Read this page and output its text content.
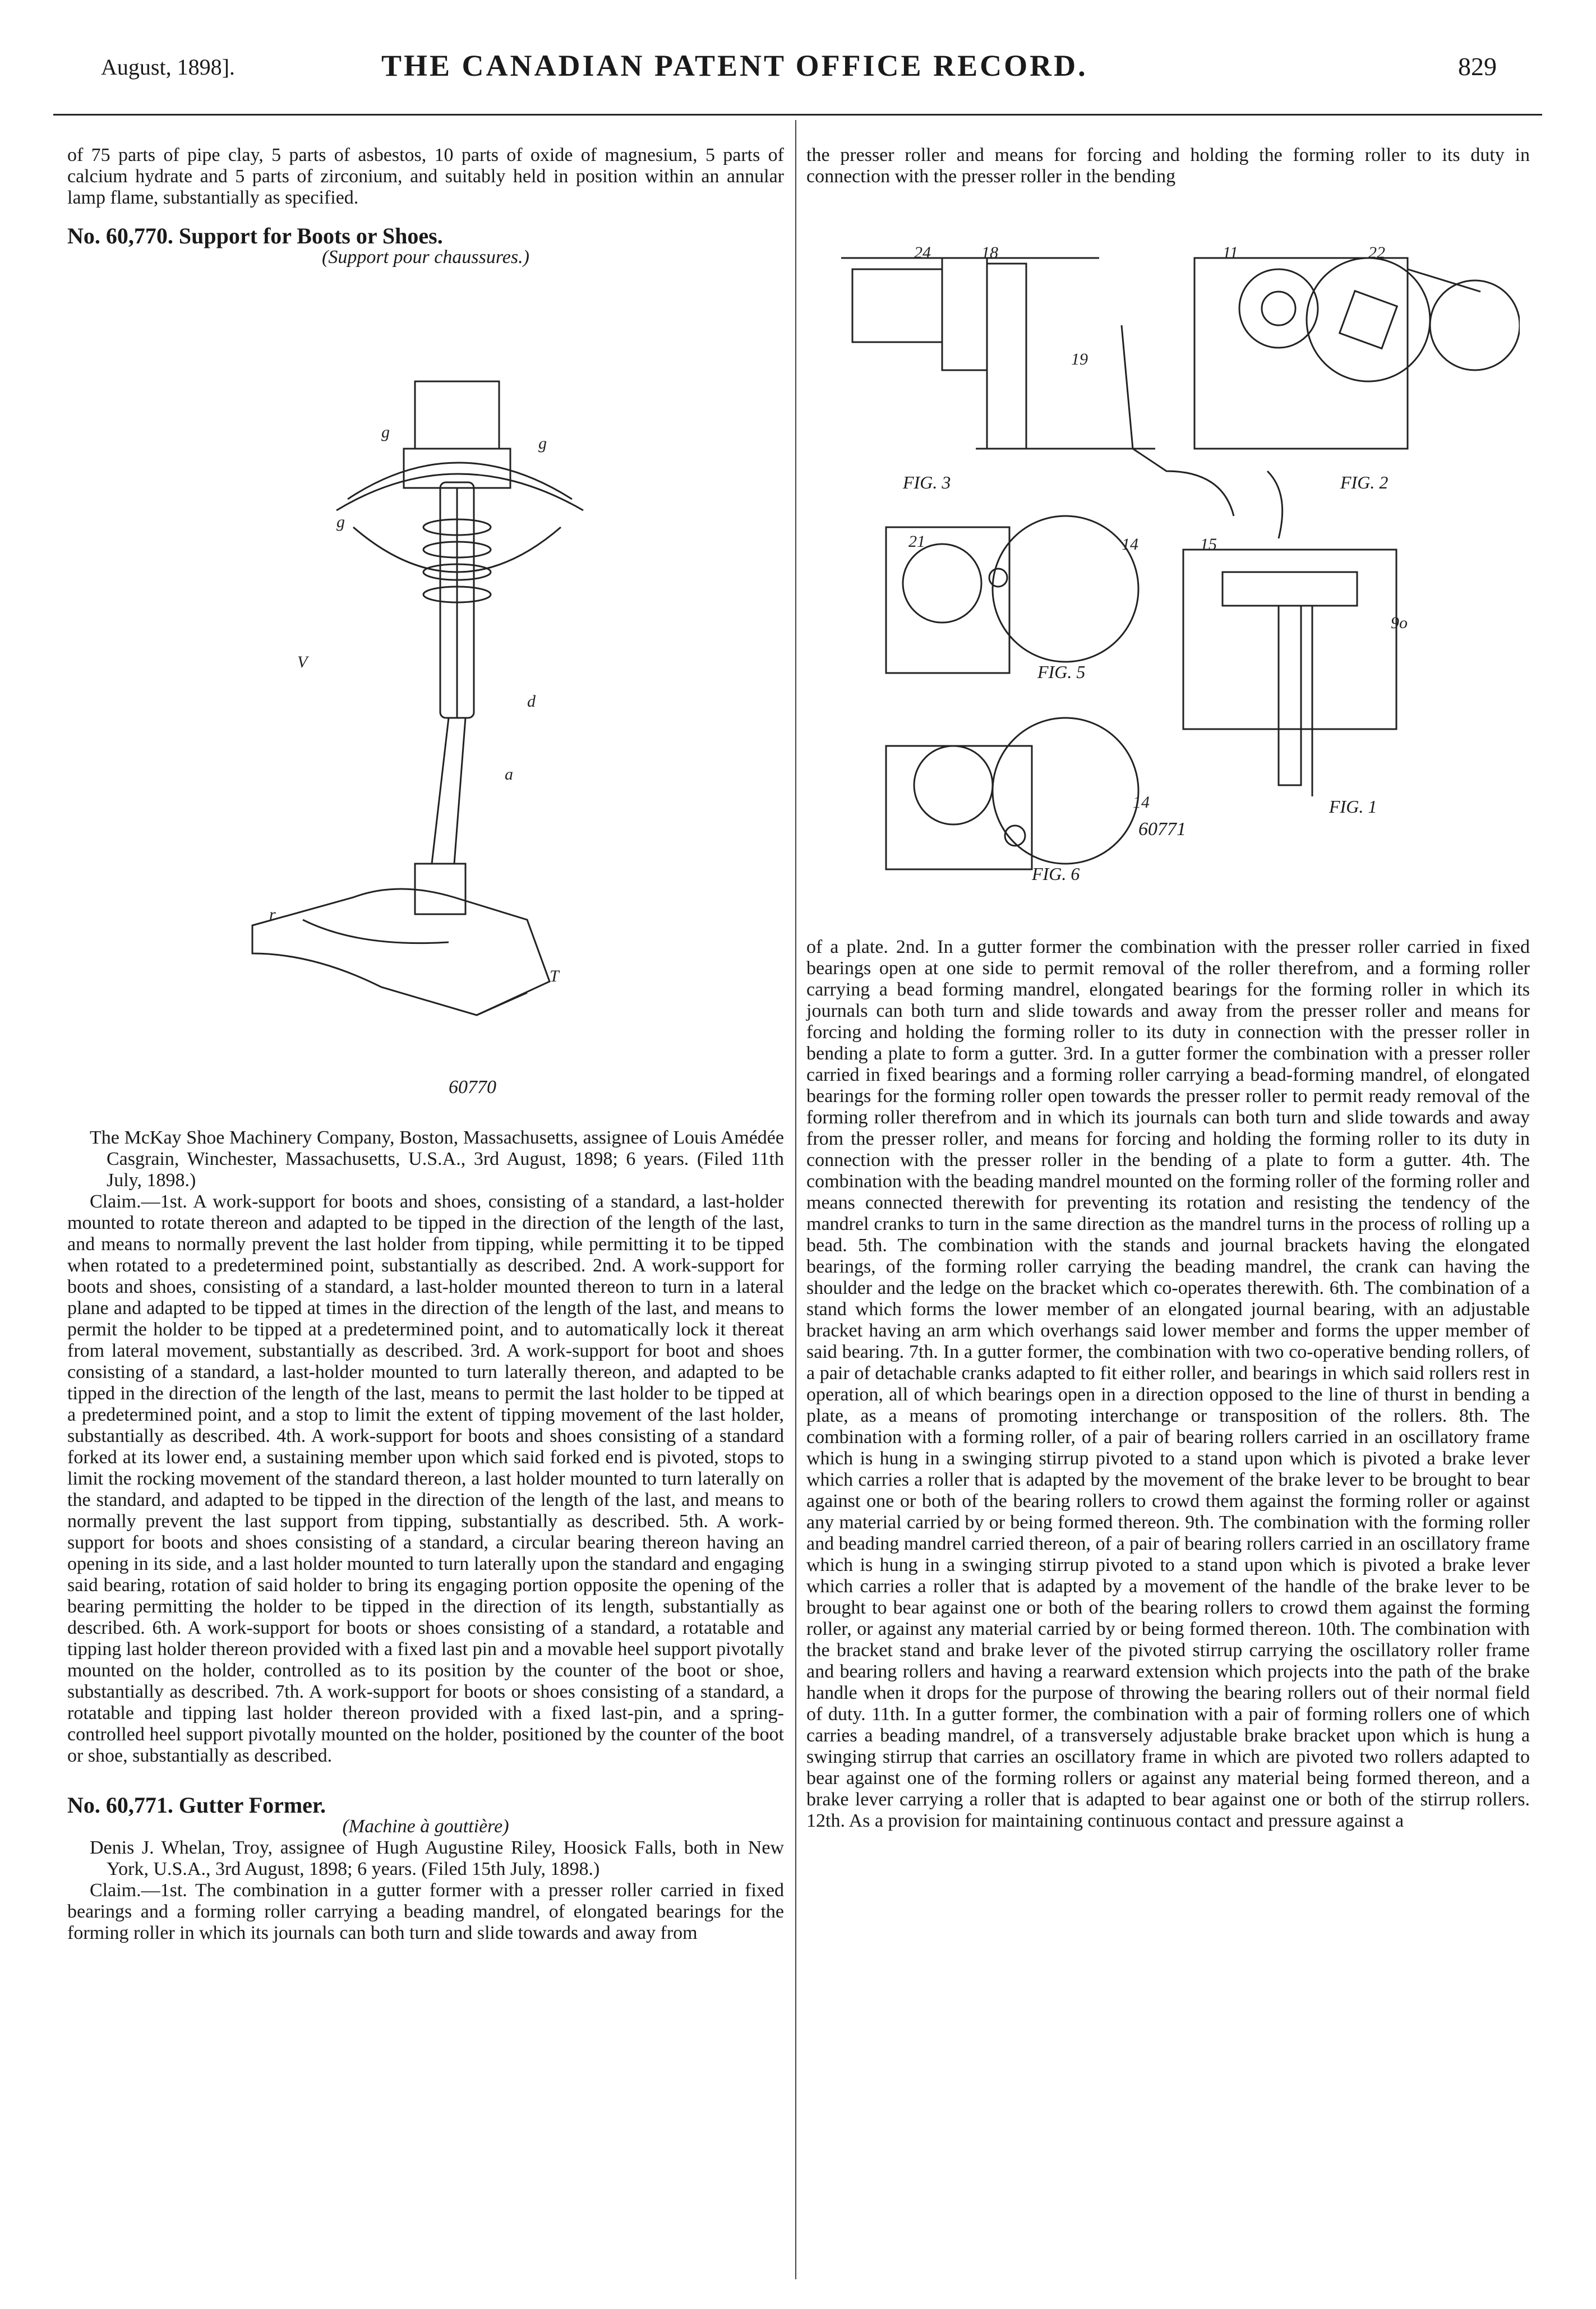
August, 1898].	THE CANADIAN PATENT OFFICE RECORD.	829

of 75 parts of pipe clay, 5 parts of asbestos, 10 parts of oxide of magnesium, 5 parts of calcium hydrate and 5 parts of zirconium, and suitably held in position within an annular lamp flame, substantially as specified.

No. 60,770. Support for Boots or Shoes.

(Support pour chaussures.)

g
g
g
V
d
a
T
r
60770

The McKay Shoe Machinery Company, Boston, Massachusetts, assignee of Louis Amédée Casgrain, Winchester, Massachusetts, U.S.A., 3rd August, 1898; 6 years. (Filed 11th July, 1898.)

Claim.—1st. A work-support for boots and shoes, consisting of a standard, a last-holder mounted to rotate thereon and adapted to be tipped in the direction of the length of the last, and means to normally prevent the last holder from tipping, while permitting it to be tipped when rotated to a predetermined point, substantially as described. 2nd. A work-support for boots and shoes, consisting of a standard, a last-holder mounted thereon to turn in a lateral plane and adapted to be tipped at times in the direction of the length of the last, and means to permit the holder to be tipped at a predetermined point, and to automatically lock it thereat from lateral movement, substantially as described. 3rd. A work-support for boot and shoes consisting of a standard, a last-holder mounted to turn laterally thereon, and adapted to be tipped in the direction of the length of the last, means to permit the last holder to be tipped at a predetermined point, and a stop to limit the extent of tipping movement of the last holder, substantially as described. 4th. A work-support for boots and shoes consisting of a standard forked at its lower end, a sustaining member upon which said forked end is pivoted, stops to limit the rocking movement of the standard thereon, a last holder mounted to turn laterally on the standard, and adapted to be tipped in the direction of the length of the last, and means to normally prevent the last support from tipping, substantially as described. 5th. A work-support for boots and shoes consisting of a standard, a circular bearing thereon having an opening in its side, and a last holder mounted to turn laterally upon the standard and engaging said bearing, rotation of said holder to bring its engaging portion opposite the opening of the bearing permitting the holder to be tipped in the direction of its length, substantially as described. 6th. A work-support for boots or shoes consisting of a standard, a rotatable and tipping last holder thereon provided with a fixed last pin and a movable heel support pivotally mounted on the holder, controlled as to its position by the counter of the boot or shoe, substantially as described. 7th. A work-support for boots or shoes consisting of a standard, a rotatable and tipping last holder thereon provided with a fixed last-pin, and a spring-controlled heel support pivotally mounted on the holder, positioned by the counter of the boot or shoe, substantially as described.

No. 60,771. Gutter Former.

(Machine à gouttière)

Denis J. Whelan, Troy, assignee of Hugh Augustine Riley, Hoosick Falls, both in New York, U.S.A., 3rd August, 1898; 6 years. (Filed 15th July, 1898.)

Claim.—1st. The combination in a gutter former with a presser roller carried in fixed bearings and a forming roller carrying a beading mandrel, of elongated bearings for the forming roller in which its journals can both turn and slide towards and away from

the presser roller and means for forcing and holding the forming roller to its duty in connection with the presser roller in the bending

24	18	11	22
19
21	14	15
9o
14
FIG. 3	FIG. 2
FIG. 5
FIG. 1
FIG. 6
60771

of a plate. 2nd. In a gutter former the combination with the presser roller carried in fixed bearings open at one side to permit removal of the roller therefrom, and a forming roller carrying a bead forming mandrel, elongated bearings for the forming roller in which its journals can both turn and slide towards and away from the presser roller and means for forcing and holding the forming roller to its duty in connection with the presser roller in bending a plate to form a gutter. 3rd. In a gutter former the combination with a presser roller carried in fixed bearings and a forming roller carrying a bead-forming mandrel, of elongated bearings for the forming roller open towards the presser roller to permit ready removal of the forming roller therefrom and in which its journals can both turn and slide towards and away from the presser roller, and means for forcing and holding the forming roller to its duty in connection with the presser roller in the bending of a plate to form a gutter. 4th. The combination with the beading mandrel mounted on the forming roller of the forming roller and means connected therewith for preventing its rotation and resisting the tendency of the mandrel cranks to turn in the same direction as the mandrel turns in the process of rolling up a bead. 5th. The combination with the stands and journal brackets having the elongated bearings, of the forming roller carrying the beading mandrel, the crank can having the shoulder and the ledge on the bracket which co-operates therewith. 6th. The combination of a stand which forms the lower member of an elongated journal bearing, with an adjustable bracket having an arm which overhangs said lower member and forms the upper member of said bearing. 7th. In a gutter former, the combination with two co-operative bending rollers, of a pair of detachable cranks adapted to fit either roller, and bearings in which said rollers rest in operation, all of which bearings open in a direction opposed to the line of thurst in bending a plate, as a means of promoting interchange or transposition of the rollers. 8th. The combination with a forming roller, of a pair of bearing rollers carried in an oscillatory frame which is hung in a swinging stirrup pivoted to a stand upon which is pivoted a brake lever which carries a roller that is adapted by the movement of the brake lever to be brought to bear against one or both of the bearing rollers to crowd them against the forming roller or against any material carried by or being formed thereon. 9th. The combination with the forming roller and beading mandrel carried thereon, of a pair of bearing rollers carried in an oscillatory frame which is hung in a swinging stirrup pivoted to a stand upon which is pivoted a brake lever which carries a roller that is adapted by a movement of the handle of the brake lever to be brought to bear against one or both of the bearing rollers to crowd them against the forming roller, or against any material carried by or being formed thereon. 10th. The combination with the bracket stand and brake lever of the pivoted stirrup carrying the oscillatory roller frame and bearing rollers and having a rearward extension which projects into the path of the brake handle when it drops for the purpose of throwing the bearing rollers out of their normal field of duty. 11th. In a gutter former, the combination with a pair of forming rollers one of which carries a beading mandrel, of a transversely adjustable brake bracket upon which is hung a swinging stirrup that carries an oscillatory frame in which are pivoted two rollers adapted to bear against one of the forming rollers or against any material being formed thereon, and a brake lever carrying a roller that is adapted to bear against one or both of the stirrup rollers. 12th. As a provision for maintaining continuous contact and pressure against a
